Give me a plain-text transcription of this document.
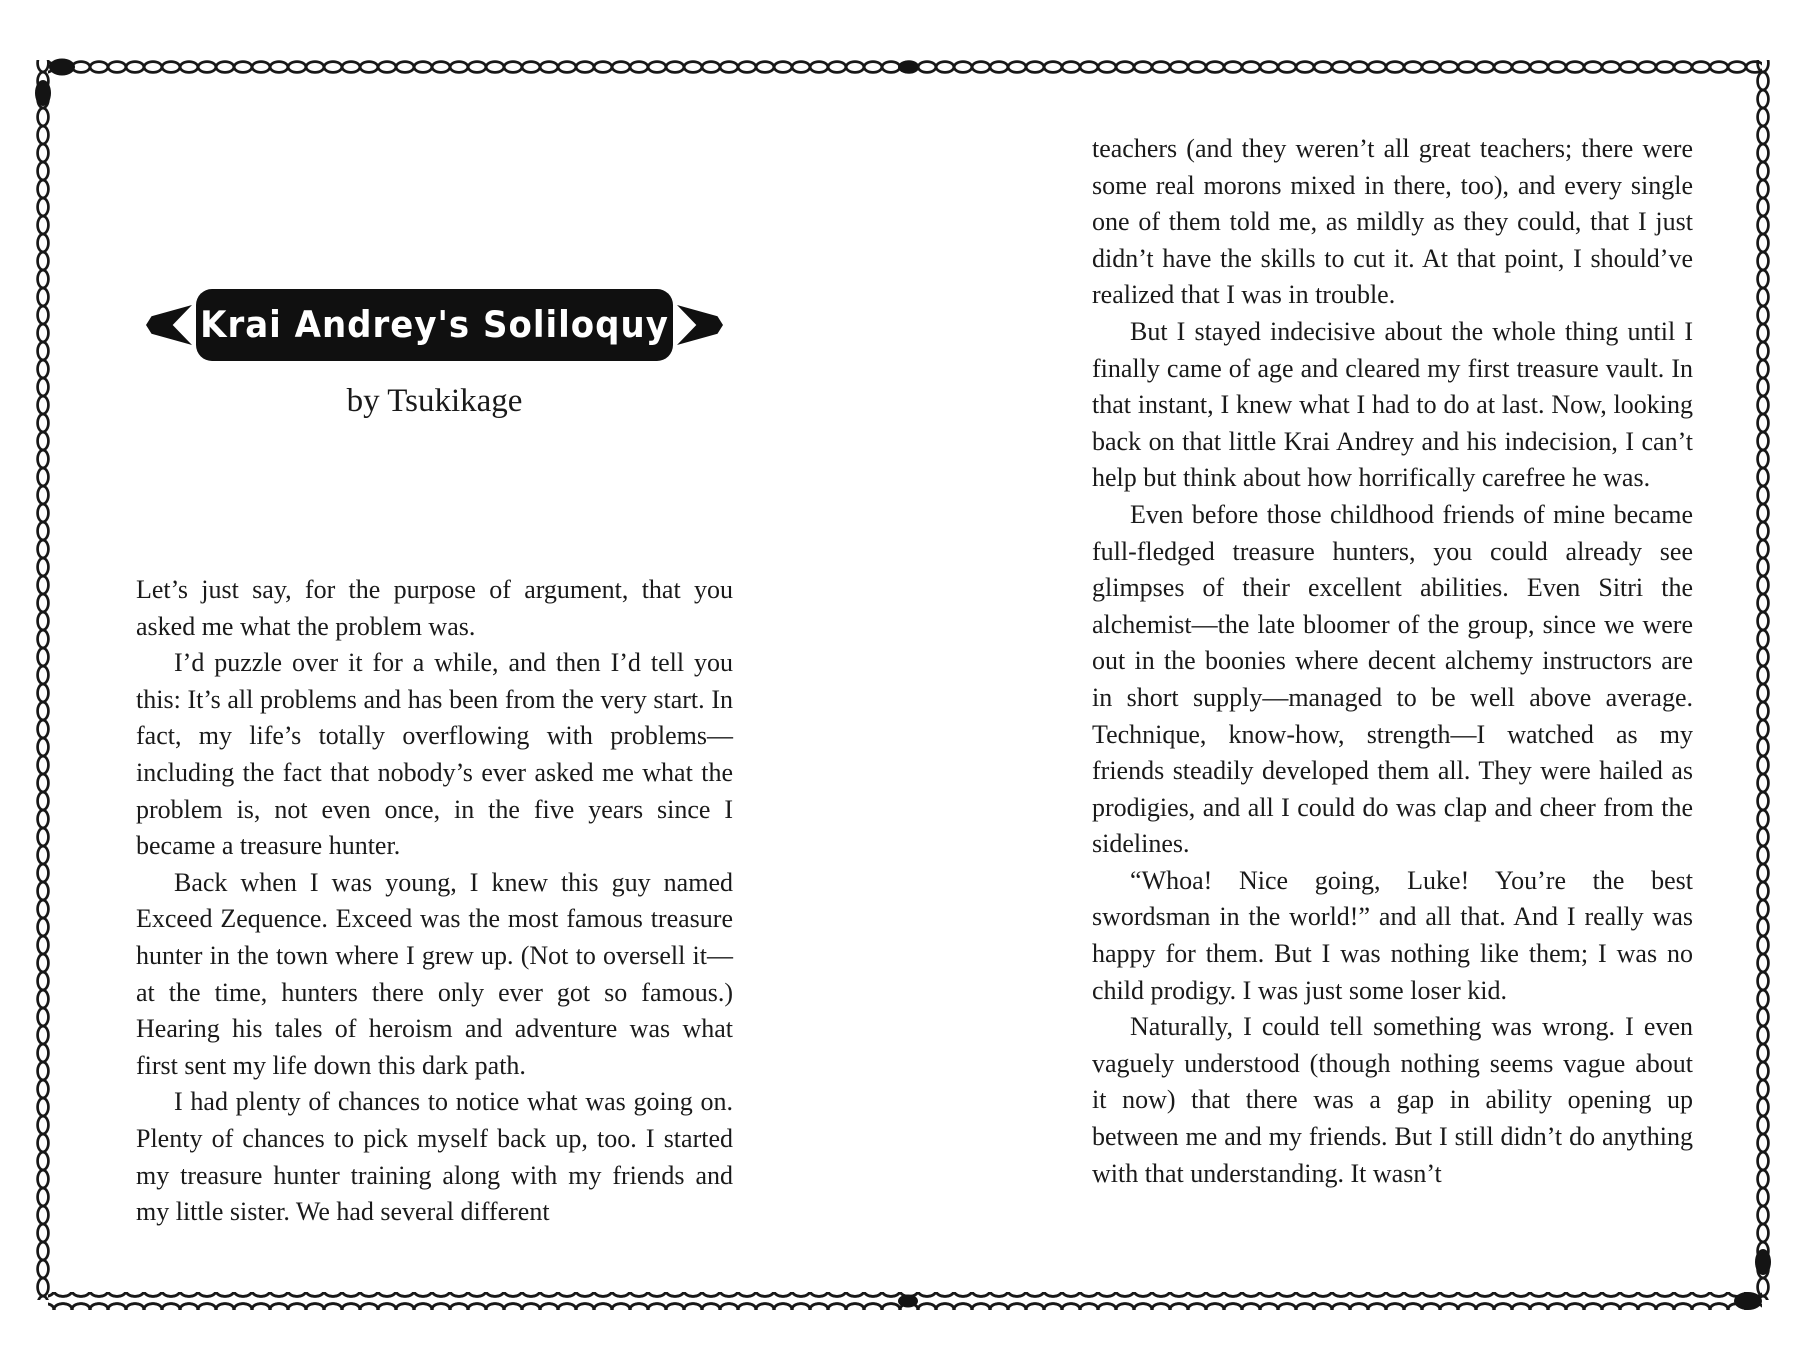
Krai Andrey's Soliloquy
by Tsukikage

Let’s just say, for the purpose of argument, that you asked me what the problem was.

I’d puzzle over it for a while, and then I’d tell you this: It’s all problems and has been from the very start. In fact, my life’s totally overflowing with problems—including the fact that nobody’s ever asked me what the problem is, not even once, in the five years since I became a treasure hunter.

Back when I was young, I knew this guy named Exceed Zequence. Exceed was the most famous treasure hunter in the town where I grew up. (Not to oversell it—at the time, hunters there only ever got so famous.) Hearing his tales of heroism and adventure was what first sent my life down this dark path.

I had plenty of chances to notice what was going on. Plenty of chances to pick myself back up, too. I started my treasure hunter training along with my friends and my little sister. We had several different

teachers (and they weren’t all great teachers; there were some real morons mixed in there, too), and every single one of them told me, as mildly as they could, that I just didn’t have the skills to cut it. At that point, I should’ve realized that I was in trouble.

But I stayed indecisive about the whole thing until I finally came of age and cleared my first treasure vault. In that instant, I knew what I had to do at last. Now, looking back on that little Krai Andrey and his indecision, I can’t help but think about how horrifically carefree he was.

Even before those childhood friends of mine became full-fledged treasure hunters, you could already see glimpses of their excellent abilities. Even Sitri the alchemist—the late bloomer of the group, since we were out in the boonies where decent alchemy instructors are in short supply—managed to be well above average. Technique, know-how, strength—I watched as my friends steadily developed them all. They were hailed as prodigies, and all I could do was clap and cheer from the sidelines.

“Whoa! Nice going, Luke! You’re the best swordsman in the world!” and all that. And I really was happy for them. But I was nothing like them; I was no child prodigy. I was just some loser kid.

Naturally, I could tell something was wrong. I even vaguely understood (though nothing seems vague about it now) that there was a gap in ability opening up between me and my friends. But I still didn’t do anything with that understanding. It wasn’t
